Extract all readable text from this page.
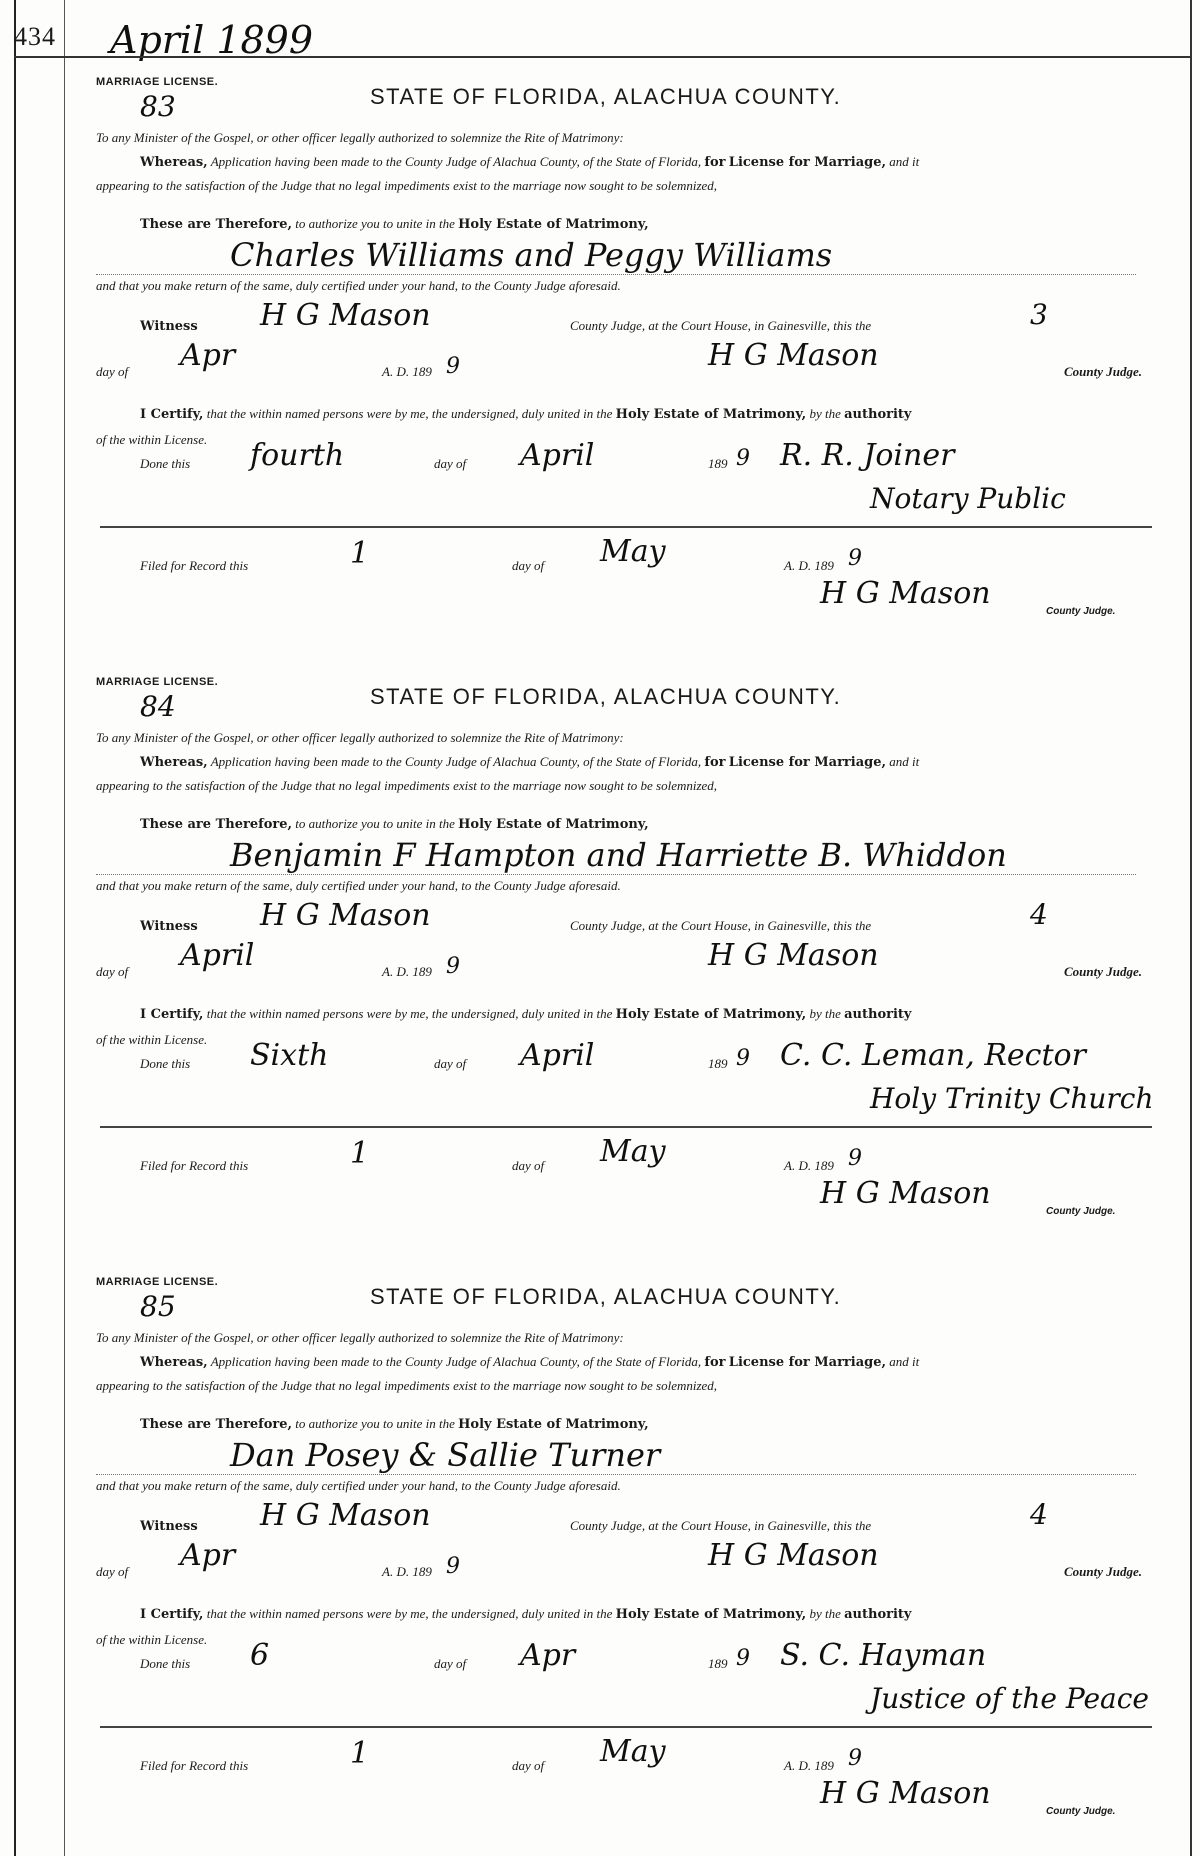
434 April 1899
MARRIAGE LICENSE.
83	STATE OF FLORIDA, ALACHUA COUNTY.
To any Minister of the Gospel, or other officer legally authorized to solemnize the Rite of Matrimony:
Whereas, Application having been made to the County Judge of Alachua County, of the State of Florida, for License for Marriage, and it
appearing to the satisfaction of the Judge that no legal impediments exist to the marriage now sought to be solemnized,
These are Therefore, to authorize you to unite in the Holy Estate of Matrimony,
Charles Williams and Peggy Williams
and that you make return of the same, duly certified under your hand, to the County Judge aforesaid.
Witness H G Mason	County Judge, at the Court House, in Gainesville, this the	3
day of Apr	A. D. 189 9	H G Mason	County Judge.
I Certify, that the within named persons were by me, the undersigned, duly united in the Holy Estate of Matrimony, by the authority
of the within License.
Done this fourth	day of April	189 9 R. R. Joiner
Notary Public
Filed for Record this	1	day of May	A. D. 189 9
H G Mason
County Judge.
MARRIAGE LICENSE.
84	STATE OF FLORIDA, ALACHUA COUNTY.
To any Minister of the Gospel, or other officer legally authorized to solemnize the Rite of Matrimony:
Whereas, Application having been made to the County Judge of Alachua County, of the State of Florida, for License for Marriage, and it
appearing to the satisfaction of the Judge that no legal impediments exist to the marriage now sought to be solemnized,
These are Therefore, to authorize you to unite in the Holy Estate of Matrimony,
Benjamin F Hampton and Harriette B. Whiddon
and that you make return of the same, duly certified under your hand, to the County Judge aforesaid.
Witness H G Mason	County Judge, at the Court House, in Gainesville, this the	4
day of April	A. D. 189 9	H G Mason	County Judge.
I Certify, that the within named persons were by me, the undersigned, duly united in the Holy Estate of Matrimony, by the authority
of the within License.
Done this Sixth	day of April	189 9 C. C. Leman, Rector
Holy Trinity Church
Filed for Record this	1	day of May	A. D. 189 9
H G Mason
County Judge.
MARRIAGE LICENSE.
85	STATE OF FLORIDA, ALACHUA COUNTY.
To any Minister of the Gospel, or other officer legally authorized to solemnize the Rite of Matrimony:
Whereas, Application having been made to the County Judge of Alachua County, of the State of Florida, for License for Marriage, and it
appearing to the satisfaction of the Judge that no legal impediments exist to the marriage now sought to be solemnized,
These are Therefore, to authorize you to unite in the Holy Estate of Matrimony,
Dan Posey & Sallie Turner
and that you make return of the same, duly certified under your hand, to the County Judge aforesaid.
Witness H G Mason	County Judge, at the Court House, in Gainesville, this the	4
day of Apr	A. D. 189 9	H G Mason	County Judge.
I Certify, that the within named persons were by me, the undersigned, duly united in the Holy Estate of Matrimony, by the authority
of the within License.
Done this 6	day of Apr	189 9 S. C. Hayman
Justice of the Peace
Filed for Record this	1	day of May	A. D. 189 9
H G Mason
County Judge.
